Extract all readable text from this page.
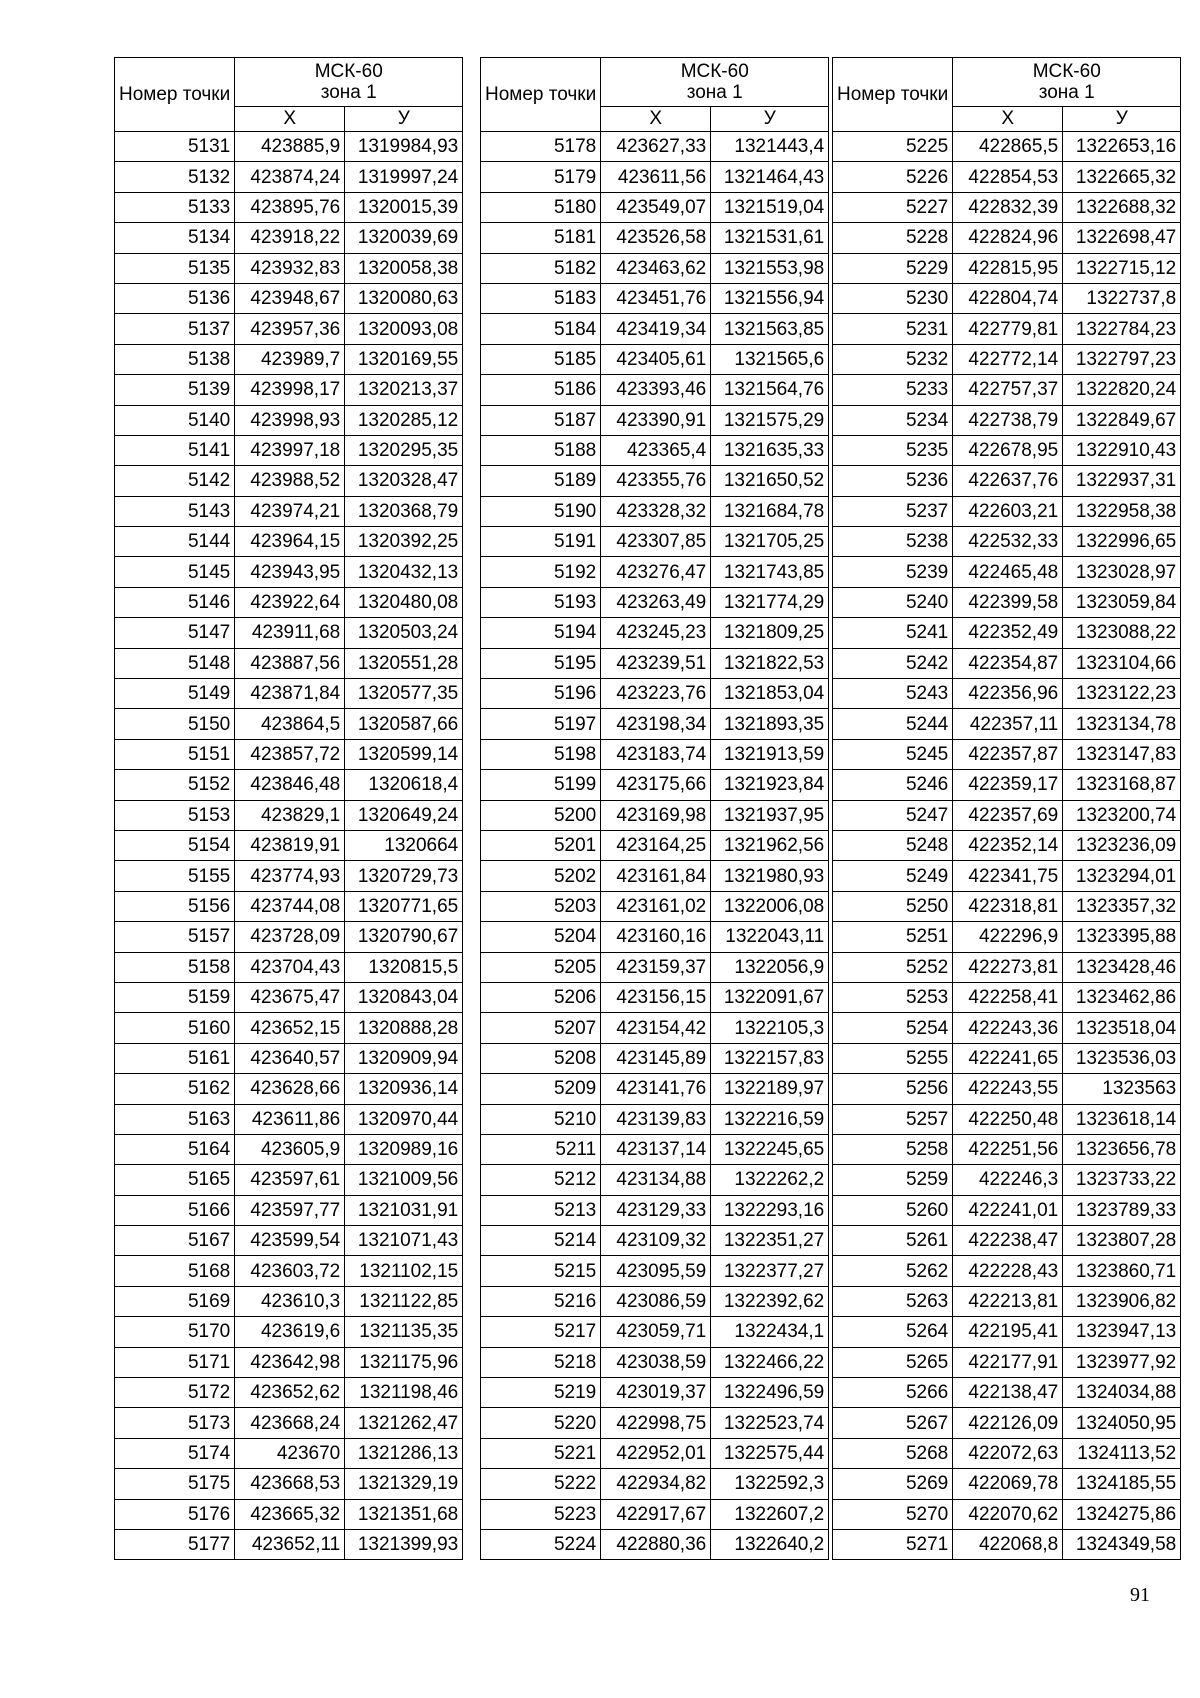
Номер точки	МСК-60
зона 1	
	Х	У
5131	423885,9	1319984,93
5132	423874,24	1319997,24
5133	423895,76	1320015,39
5134	423918,22	1320039,69
5135	423932,83	1320058,38
5136	423948,67	1320080,63
5137	423957,36	1320093,08
5138	423989,7	1320169,55
5139	423998,17	1320213,37
5140	423998,93	1320285,12
5141	423997,18	1320295,35
5142	423988,52	1320328,47
5143	423974,21	1320368,79
5144	423964,15	1320392,25
5145	423943,95	1320432,13
5146	423922,64	1320480,08
5147	423911,68	1320503,24
5148	423887,56	1320551,28
5149	423871,84	1320577,35
5150	423864,5	1320587,66
5151	423857,72	1320599,14
5152	423846,48	1320618,4
5153	423829,1	1320649,24
5154	423819,91	1320664
5155	423774,93	1320729,73
5156	423744,08	1320771,65
5157	423728,09	1320790,67
5158	423704,43	1320815,5
5159	423675,47	1320843,04
5160	423652,15	1320888,28
5161	423640,57	1320909,94
5162	423628,66	1320936,14
5163	423611,86	1320970,44
5164	423605,9	1320989,16
5165	423597,61	1321009,56
5166	423597,77	1321031,91
5167	423599,54	1321071,43
5168	423603,72	1321102,15
5169	423610,3	1321122,85
5170	423619,6	1321135,35
5171	423642,98	1321175,96
5172	423652,62	1321198,46
5173	423668,24	1321262,47
5174	423670	1321286,13
5175	423668,53	1321329,19
5176	423665,32	1321351,68
5177	423652,11	1321399,93
Номер точки	МСК-60
зона 1	
	Х	У
5178	423627,33	1321443,4
5179	423611,56	1321464,43
5180	423549,07	1321519,04
5181	423526,58	1321531,61
5182	423463,62	1321553,98
5183	423451,76	1321556,94
5184	423419,34	1321563,85
5185	423405,61	1321565,6
5186	423393,46	1321564,76
5187	423390,91	1321575,29
5188	423365,4	1321635,33
5189	423355,76	1321650,52
5190	423328,32	1321684,78
5191	423307,85	1321705,25
5192	423276,47	1321743,85
5193	423263,49	1321774,29
5194	423245,23	1321809,25
5195	423239,51	1321822,53
5196	423223,76	1321853,04
5197	423198,34	1321893,35
5198	423183,74	1321913,59
5199	423175,66	1321923,84
5200	423169,98	1321937,95
5201	423164,25	1321962,56
5202	423161,84	1321980,93
5203	423161,02	1322006,08
5204	423160,16	1322043,11
5205	423159,37	1322056,9
5206	423156,15	1322091,67
5207	423154,42	1322105,3
5208	423145,89	1322157,83
5209	423141,76	1322189,97
5210	423139,83	1322216,59
5211	423137,14	1322245,65
5212	423134,88	1322262,2
5213	423129,33	1322293,16
5214	423109,32	1322351,27
5215	423095,59	1322377,27
5216	423086,59	1322392,62
5217	423059,71	1322434,1
5218	423038,59	1322466,22
5219	423019,37	1322496,59
5220	422998,75	1322523,74
5221	422952,01	1322575,44
5222	422934,82	1322592,3
5223	422917,67	1322607,2
5224	422880,36	1322640,2
Номер точки	МСК-60
зона 1	
	Х	У
5225	422865,5	1322653,16
5226	422854,53	1322665,32
5227	422832,39	1322688,32
5228	422824,96	1322698,47
5229	422815,95	1322715,12
5230	422804,74	1322737,8
5231	422779,81	1322784,23
5232	422772,14	1322797,23
5233	422757,37	1322820,24
5234	422738,79	1322849,67
5235	422678,95	1322910,43
5236	422637,76	1322937,31
5237	422603,21	1322958,38
5238	422532,33	1322996,65
5239	422465,48	1323028,97
5240	422399,58	1323059,84
5241	422352,49	1323088,22
5242	422354,87	1323104,66
5243	422356,96	1323122,23
5244	422357,11	1323134,78
5245	422357,87	1323147,83
5246	422359,17	1323168,87
5247	422357,69	1323200,74
5248	422352,14	1323236,09
5249	422341,75	1323294,01
5250	422318,81	1323357,32
5251	422296,9	1323395,88
5252	422273,81	1323428,46
5253	422258,41	1323462,86
5254	422243,36	1323518,04
5255	422241,65	1323536,03
5256	422243,55	1323563
5257	422250,48	1323618,14
5258	422251,56	1323656,78
5259	422246,3	1323733,22
5260	422241,01	1323789,33
5261	422238,47	1323807,28
5262	422228,43	1323860,71
5263	422213,81	1323906,82
5264	422195,41	1323947,13
5265	422177,91	1323977,92
5266	422138,47	1324034,88
5267	422126,09	1324050,95
5268	422072,63	1324113,52
5269	422069,78	1324185,55
5270	422070,62	1324275,86
5271	422068,8	1324349,58
91
